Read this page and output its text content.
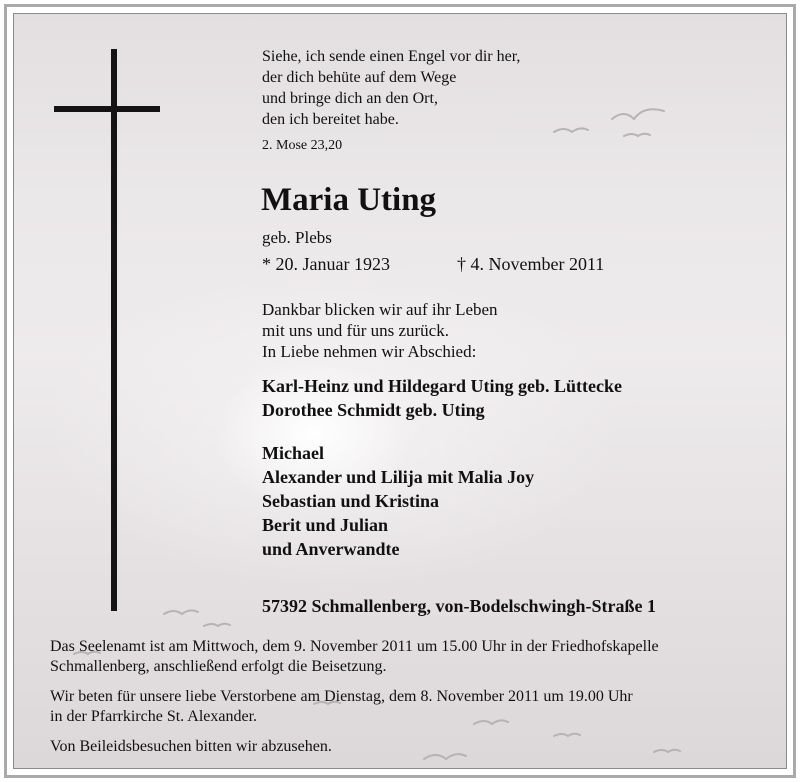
Siehe, ich sende einen Engel vor dir her,
der dich behüte auf dem Wege
und bringe dich an den Ort,
den ich bereitet habe.
2. Mose 23,20
Maria Uting
geb. Plebs
* 20. Januar 1923	† 4. November 2011
Dankbar blicken wir auf ihr Leben
mit uns und für uns zurück.
In Liebe nehmen wir Abschied:
Karl-Heinz und Hildegard Uting geb. Lüttecke
Dorothee Schmidt geb. Uting
Michael
Alexander und Lilija mit Malia Joy
Sebastian und Kristina
Berit und Julian
und Anverwandte
57392 Schmallenberg, von-Bodelschwingh-Straße 1
Das Seelenamt ist am Mittwoch, dem 9. November 2011 um 15.00 Uhr in der Friedhofskapelle
Schmallenberg, anschließend erfolgt die Beisetzung.
Wir beten für unsere liebe Verstorbene am Dienstag, dem 8. November 2011 um 19.00 Uhr
in der Pfarrkirche St. Alexander.
Von Beileidsbesuchen bitten wir abzusehen.
